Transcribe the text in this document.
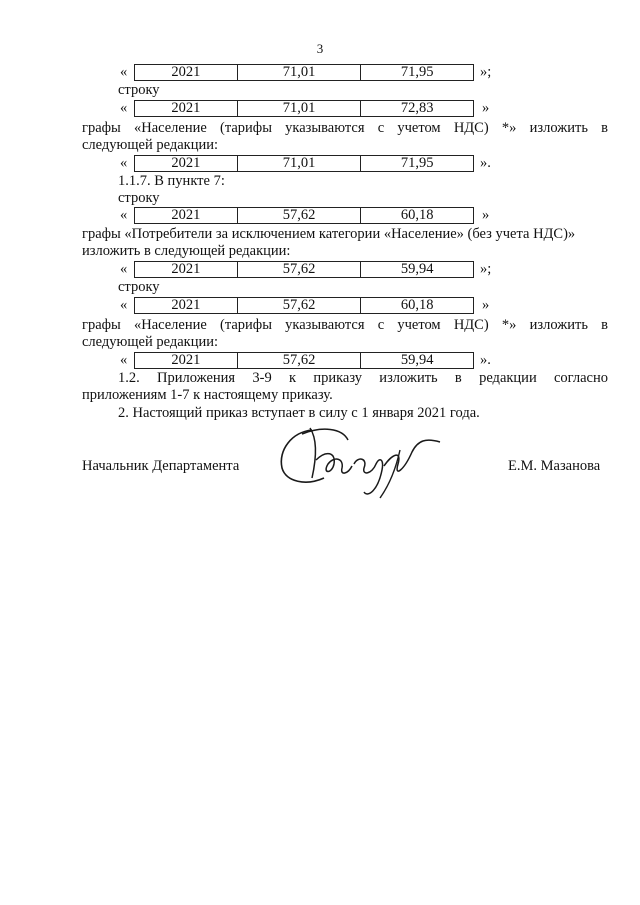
3
«	2021	71,01	71,95	»;
строку
«	2021	71,01	72,83	»
графы «Население (тарифы указываются с учетом НДС) *» изложить в
следующей редакции:
«	2021	71,01	71,95	».
1.1.7. В пункте 7:
строку
«	2021	57,62	60,18	»
графы «Потребители за исключением категории «Население» (без учета НДС)»
изложить в следующей редакции:
«	2021	57,62	59,94	»;
строку
«	2021	57,62	60,18	»
графы «Население (тарифы указываются с учетом НДС) *» изложить в
следующей редакции:
«	2021	57,62	59,94	».
1.2. Приложения 3-9 к приказу изложить в редакции согласно
приложениям 1-7 к настоящему приказу.
2. Настоящий приказ вступает в силу с 1 января 2021 года.
Начальник Департамента	Е.М. Мазанова
